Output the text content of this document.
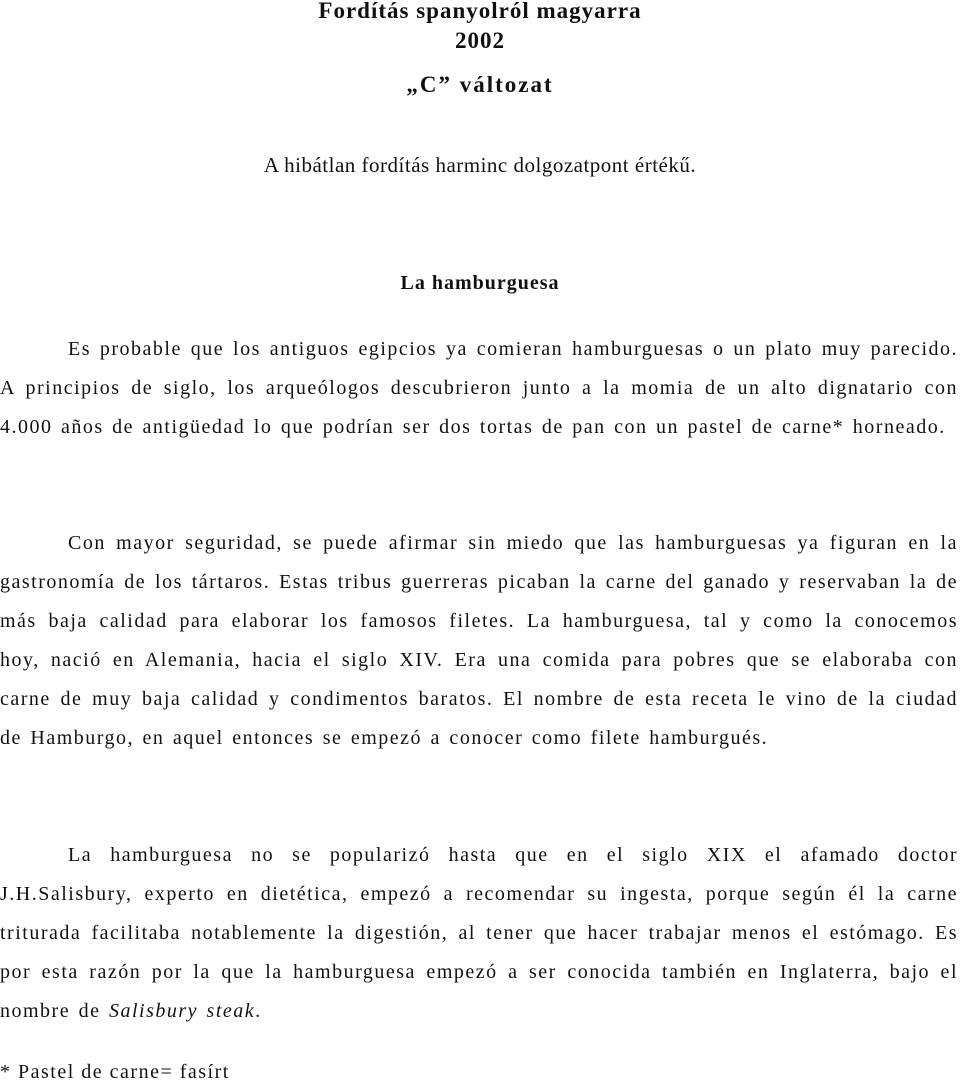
Fordítás spanyolról magyarra
2002
„C” változat
A hibátlan fordítás harminc dolgozatpont értékű.
La hamburguesa

Es probable que los antiguos egipcios ya comieran hamburguesas o un plato muy parecido. A principios de siglo, los arqueólogos descubrieron junto a la momia de un alto dignatario con 4.000 años de antigüedad lo que podrían ser dos tortas de pan con un pastel de carne* horneado.

Con mayor seguridad, se puede afirmar sin miedo que las hamburguesas ya figuran en la gastronomía de los tártaros. Estas tribus guerreras picaban la carne del ganado y reservaban la de más baja calidad para elaborar los famosos filetes. La hamburguesa, tal y como la conocemos hoy, nació en Alemania, hacia el siglo XIV. Era una comida para pobres que se elaboraba con carne de muy baja calidad y condimentos baratos. El nombre de esta receta le vino de la ciudad de Hamburgo, en aquel entonces se empezó a conocer como filete hamburgués.

La hamburguesa no se popularizó hasta que en el siglo XIX el afamado doctor J.H.Salisbury, experto en dietética, empezó a recomendar su ingesta, porque según él la carne triturada facilitaba notablemente la digestión, al tener que hacer trabajar menos el estómago. Es por esta razón por la que la hamburguesa empezó a ser conocida también en Inglaterra, bajo el nombre de Salisbury steak.

* Pastel de carne= fasírt
